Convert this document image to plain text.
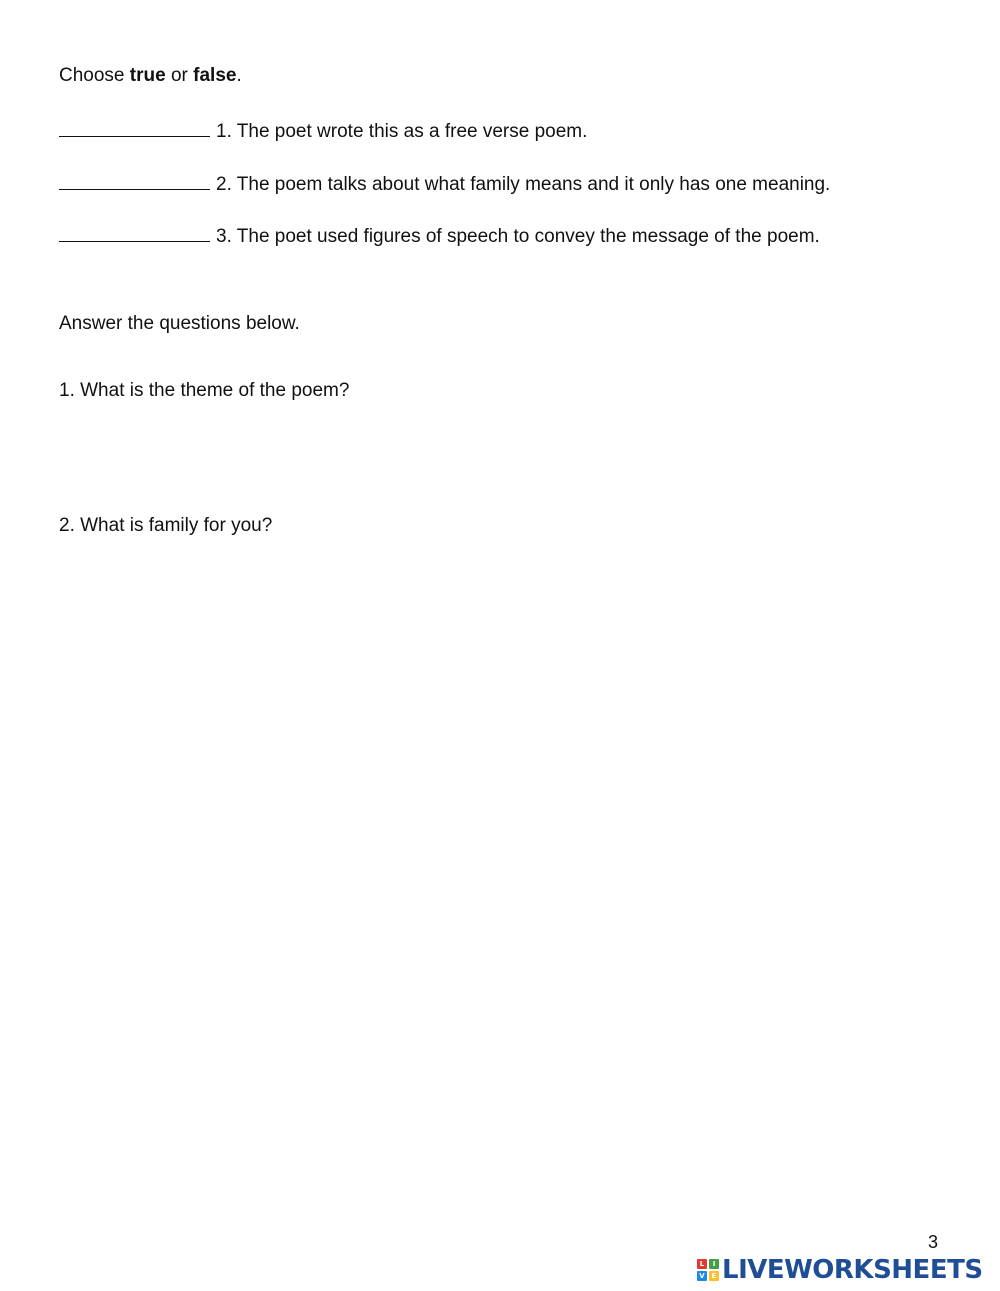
Choose true or false.
1. The poet wrote this as a free verse poem.
2. The poem talks about what family means and it only has one meaning.
3. The poet used figures of speech to convey the message of the poem.
Answer the questions below.
1. What is the theme of the poem?
2. What is family for you?
3
L	I
V E LIVEWORKSHEETS
